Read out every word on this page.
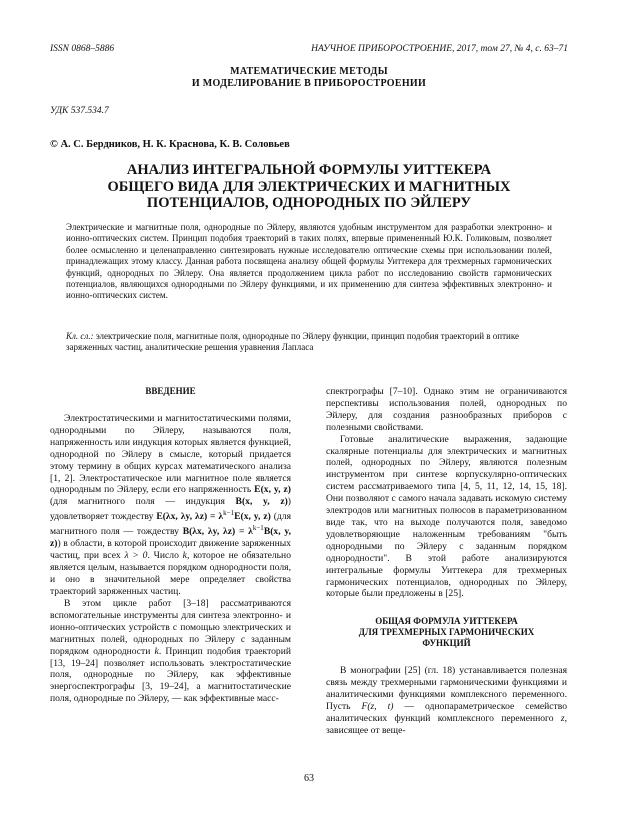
ISSN 0868–5886	НАУЧНОЕ ПРИБОРОСТРОЕНИЕ, 2017, том 27, № 4, с. 63–71
МАТЕМАТИЧЕСКИЕ МЕТОДЫ
И МОДЕЛИРОВАНИЕ В ПРИБОРОСТРОЕНИИ
УДК 537.534.7
© А. С. Бердников, Н. К. Краснова, К. В. Соловьев
АНАЛИЗ ИНТЕГРАЛЬНОЙ ФОРМУЛЫ УИТТЕКЕРА
ОБЩЕГО ВИДА ДЛЯ ЭЛЕКТРИЧЕСКИХ И МАГНИТНЫХ
ПОТЕНЦИАЛОВ, ОДНОРОДНЫХ ПО ЭЙЛЕРУ
Электрические и магнитные поля, однородные по Эйлеру, являются удобным инструментом для разработки электронно- и ионно-оптических систем. Принцип подобия траекторий в таких полях, впервые примененный Ю.К. Голиковым, позволяет более осмысленно и целенаправленно синтезировать нужные исследователю оптические схемы при использовании полей, принадлежащих этому классу. Данная работа посвящена анализу общей формулы Уиттекера для трехмерных гармонических функций, однородных по Эйлеру. Она является продолжением цикла работ по исследованию свойств гармонических потенциалов, являющихся однородными по Эйлеру функциями, и их применению для синтеза эффективных электронно- и ионно-оптических систем.
Кл. сл.: электрические поля, магнитные поля, однородные по Эйлеру функции, принцип подобия траекторий в оптике заряженных частиц, аналитические решения уравнения Лапласа
ВВЕДЕНИЕ

Электростатическими и магнитостатическими полями, однородными по Эйлеру, называются поля, напряженность или индукция которых является функцией, однородной по Эйлеру в смысле, который придается этому термину в общих курсах математического анализа [1, 2]. Электростатическое или магнитное поле является однородным по Эйлеру, если его напряженность E(x, y, z) (для магнитного поля — индукция B(x, y, z)) удовлетворяет тождеству E(λx, λy, $\lambda z) = \lambda^{k-1}E(x$, y, z) (для магнитного поля — тождеству B(λx, λy, $\lambda z) = \lambda^{k-1}B(x$, y, z)) в области, в которой происходит движение заряженных частиц, при всех λ > 0. Число k, которое не обязательно является целым, называется порядком однородности поля, и оно в значительной мере определяет свойства траекторий заряженных частиц.

В этом цикле работ [3–18] рассматриваются вспомогательные инструменты для синтеза электронно- и ионно-оптических устройств с помощью электрических и магнитных полей, однородных по Эйлеру с заданным порядком однородности k. Принцип подобия траекторий [13, 19–24] позволяет использовать электростатические поля, однородные по Эйлеру, как эффективные энергоспектрографы [3, 19–24], а магнитостатические поля, однородные по Эйлеру, — как эффективные масс-

спектрографы [7–10]. Однако этим не ограничиваются перспективы использования полей, однородных по Эйлеру, для создания разнообразных приборов с полезными свойствами.

Готовые аналитические выражения, задающие скалярные потенциалы для электрических и магнитных полей, однородных по Эйлеру, являются полезным инструментом при синтезе корпускулярно-оптических систем рассматриваемого типа [4, 5, 11, 12, 14, 15, 18]. Они позволяют с самого начала задавать искомую систему электродов или магнитных полюсов в параметризованном виде так, что на выходе получаются поля, заведомо удовлетворяющие наложенным требованиям "быть однородными по Эйлеру с заданным порядком однородности". В этой работе анализируются интегральные формулы Уиттекера для трехмерных гармонических потенциалов, однородных по Эйлеру, которые были предложены в [25].

ОБЩАЯ ФОРМУЛА УИТТЕКЕРА
ДЛЯ ТРЕХМЕРНЫХ ГАРМОНИЧЕСКИХ
ФУНКЦИЙ

В монографии [25] (гл. 18) устанавливается полезная связь между трехмерными гармоническими функциями и аналитическими функциями комплексного переменного. Пусть F(z, t) — однопараметрическое семейство аналитических функций комплексного переменного z, зависящее от веще-

63
